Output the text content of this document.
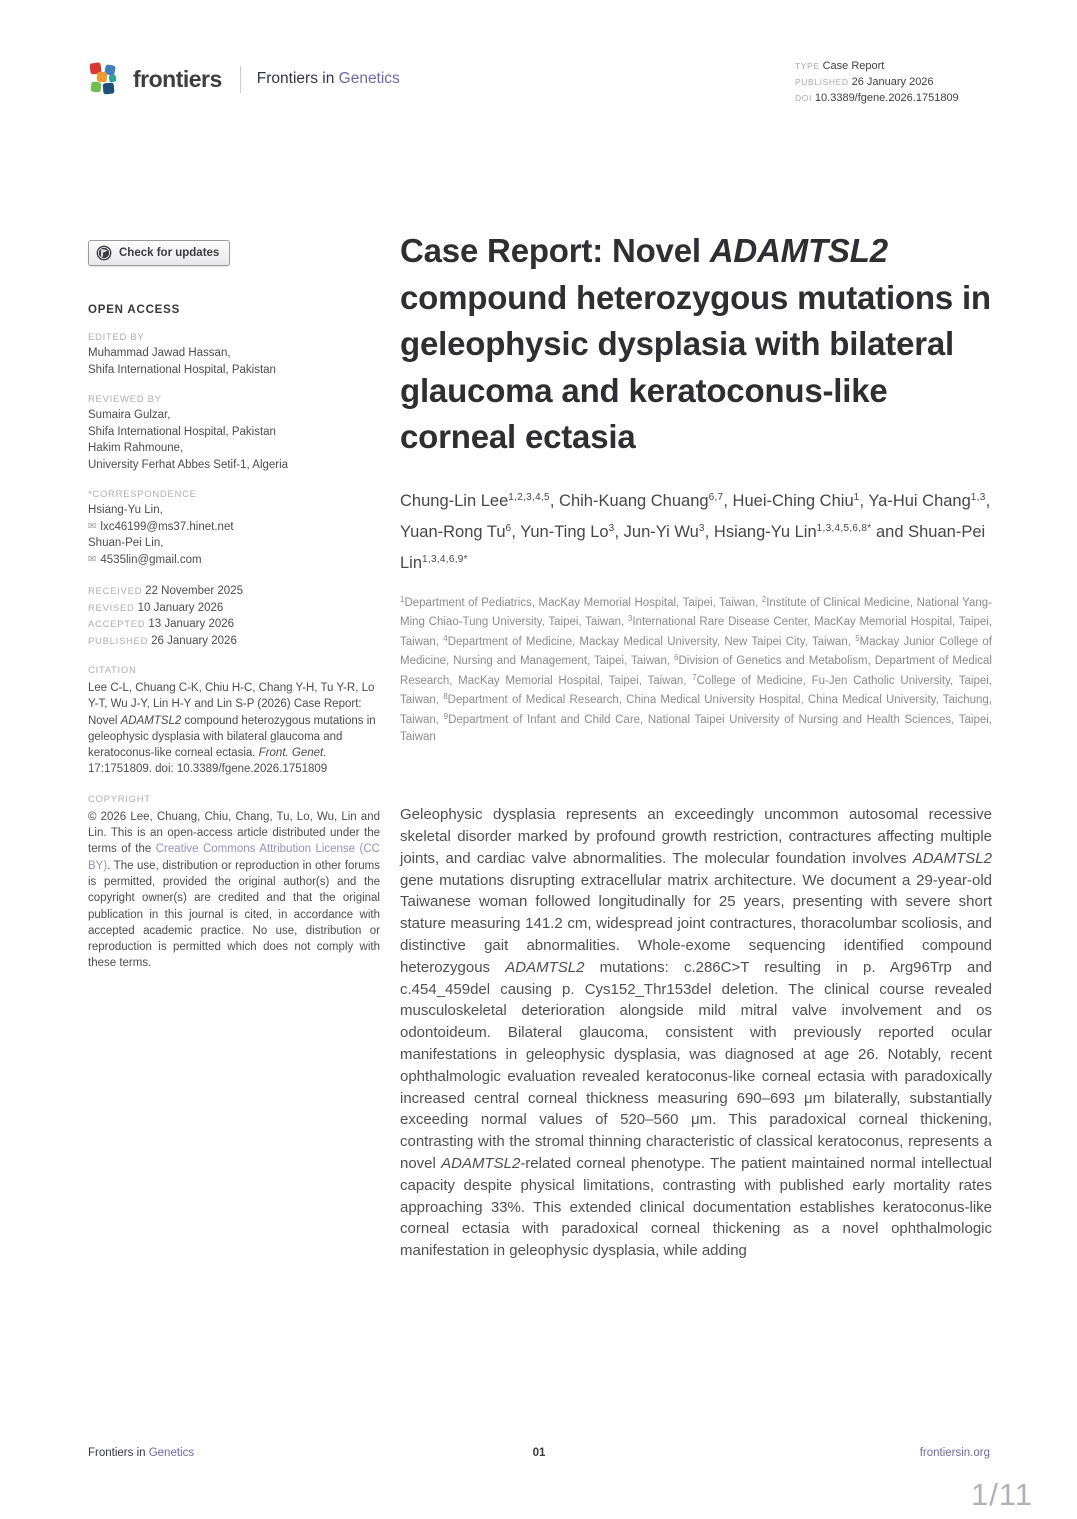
frontiers Frontiers in Genetics
TYPE Case Report
PUBLISHED 26 January 2026
DOI 10.3389/fgene.2026.1751809
Check for updates
OPEN ACCESS
EDITED BY
Muhammad Jawad Hassan,
Shifa International Hospital, Pakistan
REVIEWED BY
Sumaira Gulzar,
Shifa International Hospital, Pakistan
Hakim Rahmoune,
University Ferhat Abbes Setif-1, Algeria
*CORRESPONDENCE
Hsiang-Yu Lin,
✉ lxc46199@ms37.hinet.net
Shuan-Pei Lin,
✉ 4535lin@gmail.com
RECEIVED 22 November 2025
REVISED 10 January 2026
ACCEPTED 13 January 2026
PUBLISHED 26 January 2026
CITATION
Lee C-L, Chuang C-K, Chiu H-C, Chang Y-H, Tu Y-R, Lo Y-T, Wu J-Y, Lin H-Y and Lin S-P (2026) Case Report: Novel ADAMTSL2 compound heterozygous mutations in geleophysic dysplasia with bilateral glaucoma and keratoconus-like corneal ectasia. Front. Genet. 17:1751809. doi: 10.3389/fgene.2026.1751809
COPYRIGHT
© 2026 Lee, Chuang, Chiu, Chang, Tu, Lo, Wu, Lin and Lin. This is an open-access article distributed under the terms of the Creative Commons Attribution License (CC BY). The use, distribution or reproduction in other forums is permitted, provided the original author(s) and the copyright owner(s) are credited and that the original publication in this journal is cited, in accordance with accepted academic practice. No use, distribution or reproduction is permitted which does not comply with these terms.
Case Report: Novel ADAMTSL2 compound heterozygous mutations in geleophysic dysplasia with bilateral glaucoma and keratoconus-like corneal ectasia
Chung-Lin Lee$^{1,2,3,4,5}$, Chih-Kuang Chuang$^{6,7}$, Huei-Ching Chiu$^1$, Ya-Hui Chang$^{1,3}$, Yuan-Rong Tu$^6$, Yun-Ting Lo$^3$, Jun-Yi Wu$^3$, Hsiang-Yu Lin$^{1,3,4,5,6,8*}$ and Shuan-Pei Lin$^{1,3,4,6,9*}$
$^1$Department of Pediatrics, MacKay Memorial Hospital, Taipei, Taiwan, $^2$Institute of Clinical Medicine, National Yang-Ming Chiao-Tung University, Taipei, Taiwan, $^3$International Rare Disease Center, MacKay Memorial Hospital, Taipei, Taiwan, $^4$Department of Medicine, Mackay Medical University, New Taipei City, Taiwan, $^5$Mackay Junior College of Medicine, Nursing and Management, Taipei, Taiwan, $^6$Division of Genetics and Metabolism, Department of Medical Research, MacKay Memorial Hospital, Taipei, Taiwan, $^7$College of Medicine, Fu-Jen Catholic University, Taipei, Taiwan, $^8$Department of Medical Research, China Medical University Hospital, China Medical University, Taichung, Taiwan, $^9$Department of Infant and Child Care, National Taipei University of Nursing and Health Sciences, Taipei, Taiwan
Geleophysic dysplasia represents an exceedingly uncommon autosomal recessive skeletal disorder marked by profound growth restriction, contractures affecting multiple joints, and cardiac valve abnormalities. The molecular foundation involves ADAMTSL2 gene mutations disrupting extracellular matrix architecture. We document a 29-year-old Taiwanese woman followed longitudinally for 25 years, presenting with severe short stature measuring 141.2 cm, widespread joint contractures, thoracolumbar scoliosis, and distinctive gait abnormalities. Whole-exome sequencing identified compound heterozygous ADAMTSL2 mutations: c.286C>T resulting in p. Arg96Trp and c.454_459del causing p. Cys152_Thr153del deletion. The clinical course revealed musculoskeletal deterioration alongside mild mitral valve involvement and os odontoideum. Bilateral glaucoma, consistent with previously reported ocular manifestations in geleophysic dysplasia, was diagnosed at age 26. Notably, recent ophthalmologic evaluation revealed keratoconus-like corneal ectasia with paradoxically increased central corneal thickness measuring 690–693 μm bilaterally, substantially exceeding normal values of 520–560 μm. This paradoxical corneal thickening, contrasting with the stromal thinning characteristic of classical keratoconus, represents a novel ADAMTSL2-related corneal phenotype. The patient maintained normal intellectual capacity despite physical limitations, contrasting with published early mortality rates approaching 33%. This extended clinical documentation establishes keratoconus-like corneal ectasia with paradoxical corneal thickening as a novel ophthalmologic manifestation in geleophysic dysplasia, while adding
Frontiers in Genetics	01	frontiersin.org
1/11
